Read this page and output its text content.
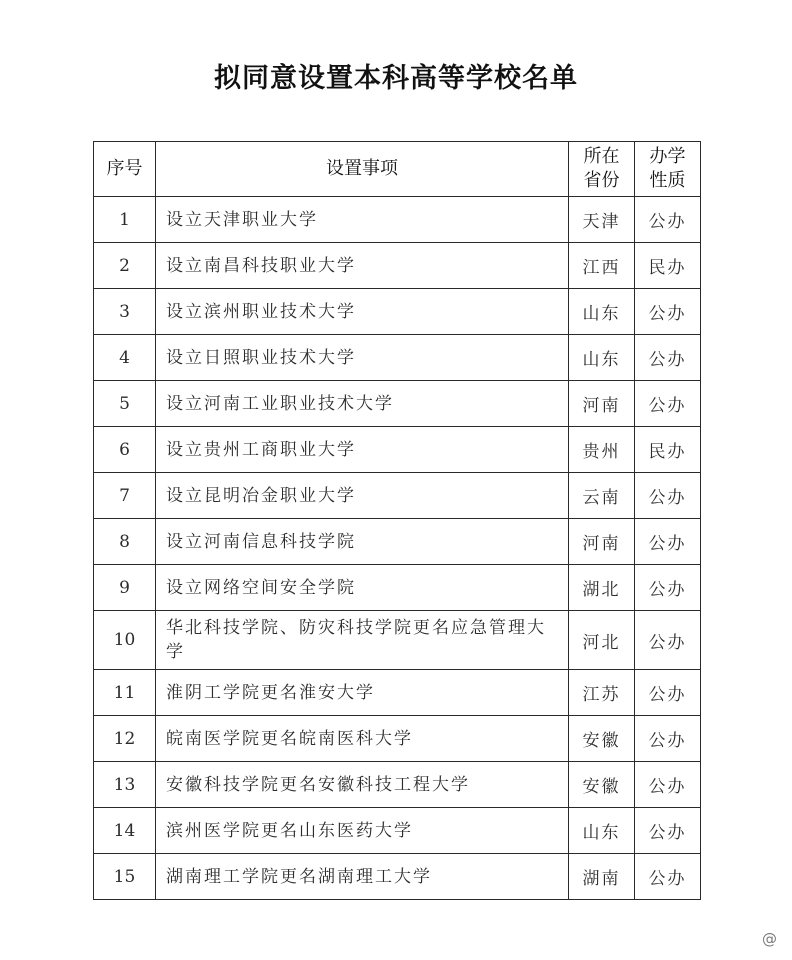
拟同意设置本科高等学校名单
序号	设置事项	所在省份	办学性质

1	设立天津职业大学	天津	公办
2	设立南昌科技职业大学	江西	民办
3	设立滨州职业技术大学	山东	公办
4	设立日照职业技术大学	山东	公办
5	设立河南工业职业技术大学	河南	公办
6	设立贵州工商职业大学	贵州	民办
7	设立昆明冶金职业大学	云南	公办
8	设立河南信息科技学院	河南	公办
9	设立网络空间安全学院	湖北	公办
10	华北科技学院、防灾科技学院更名应急管理大学	河北	公办
11	淮阴工学院更名淮安大学	江苏	公办
12	皖南医学院更名皖南医科大学	安徽	公办
13	安徽科技学院更名安徽科技工程大学	安徽	公办
14	滨州医学院更名山东医药大学	山东	公办
15	湖南理工学院更名湖南理工大学	湖南	公办
@
